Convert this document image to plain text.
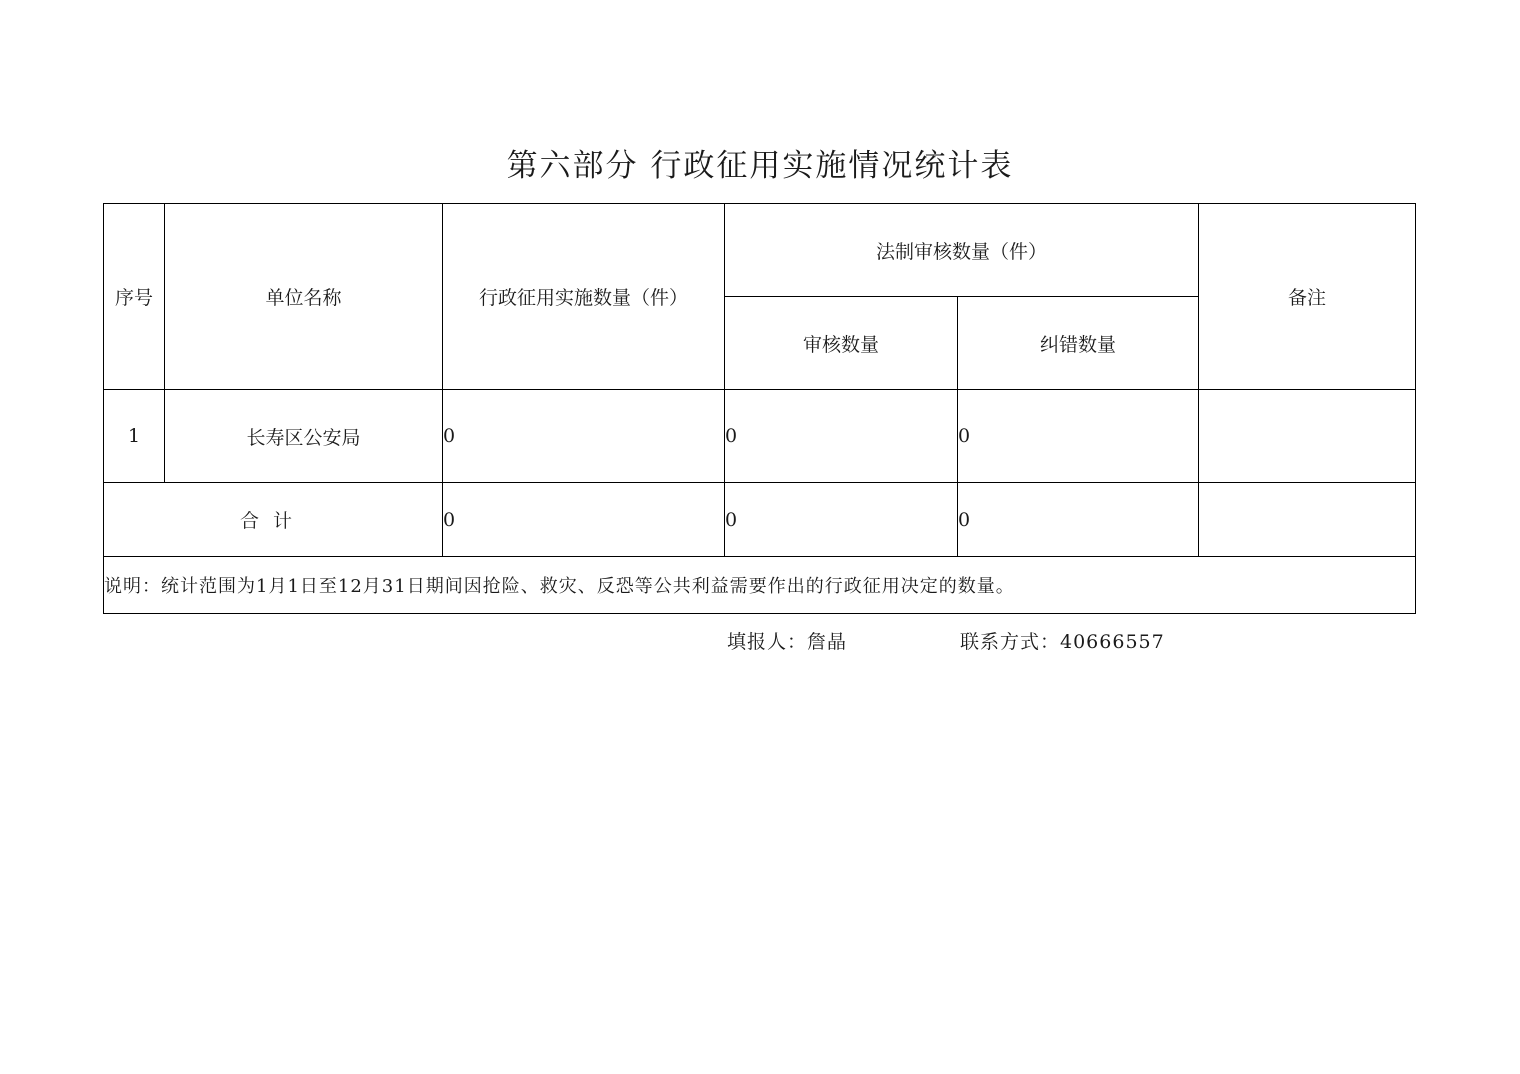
第六部分 行政征用实施情况统计表
序号	单位名称	行政征用实施数量（件）	法制审核数量（件）		备注
			审核数量	纠错数量	
1	长寿区公安局	0	0	0	
合计		0	0	0	
说明：统计范围为1月1日至12月31日期间因抢险、救灾、反恐等公共利益需要作出的行政征用决定的数量。					
填报人：詹晶	联系方式：40666557
